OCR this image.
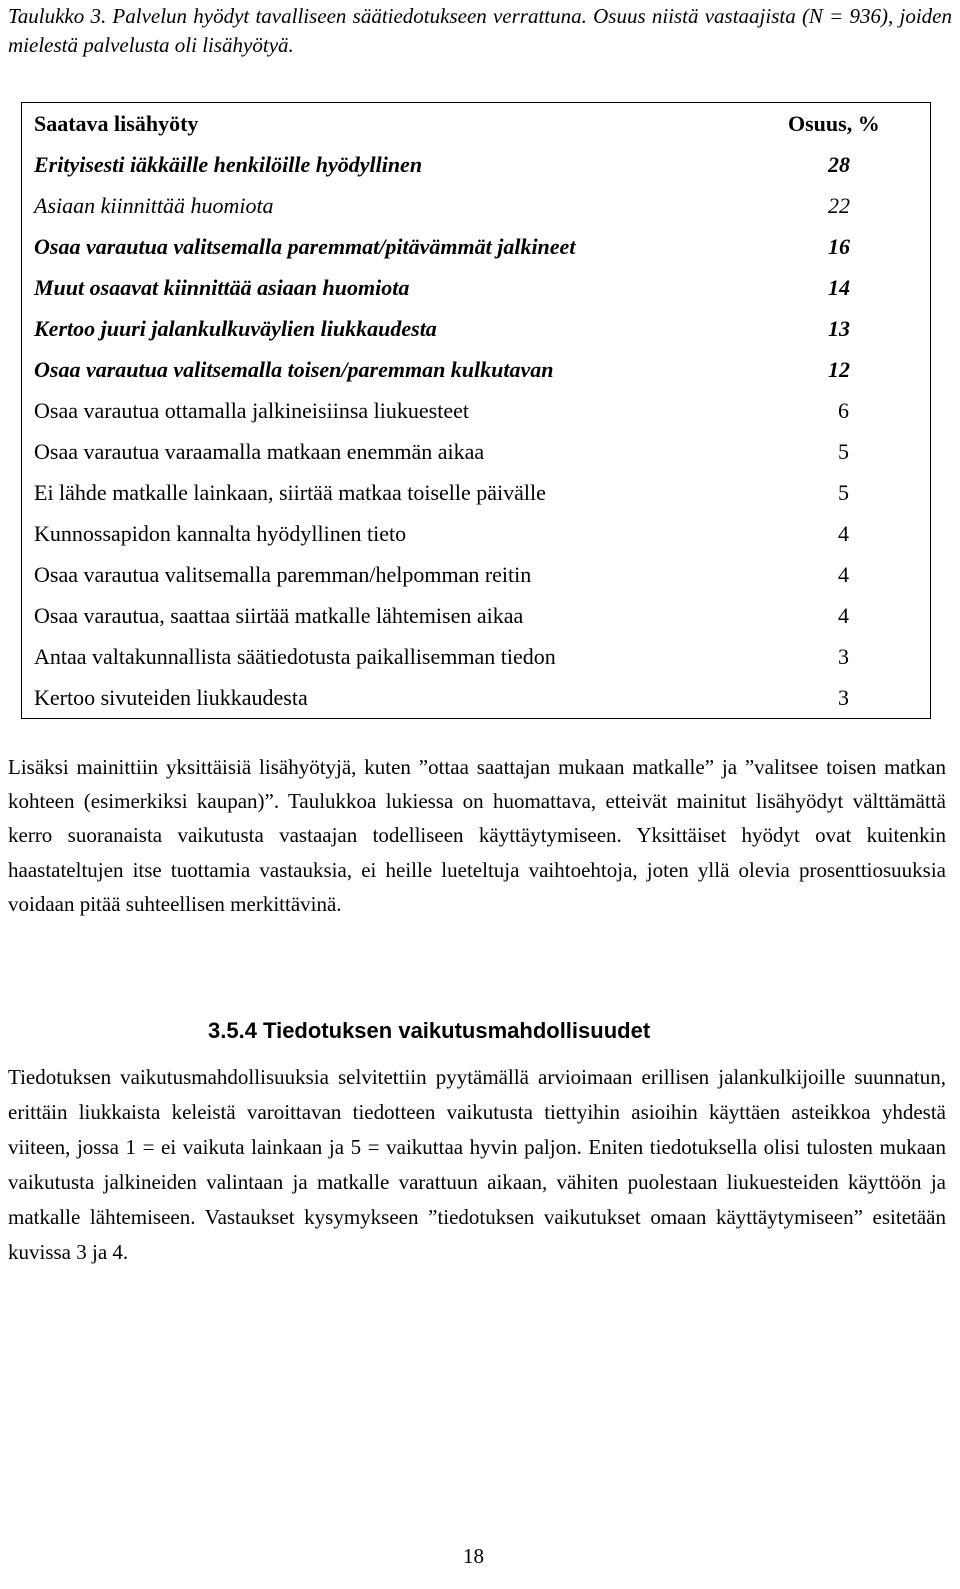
Taulukko 3. Palvelun hyödyt tavalliseen säätiedotukseen verrattuna. Osuus niistä vastaajista (N = 936), joiden mielestä palvelusta oli lisähyötyä.
Saatava lisähyöty	Osuus, %
Erityisesti iäkkäille henkilöille hyödyllinen	28
Asiaan kiinnittää huomiota	22
Osaa varautua valitsemalla paremmat/pitävämmät jalkineet	16
Muut osaavat kiinnittää asiaan huomiota	14
Kertoo juuri jalankulkuväylien liukkaudesta	13
Osaa varautua valitsemalla toisen/paremman kulkutavan	12
Osaa varautua ottamalla jalkineisiinsa liukuesteet	6
Osaa varautua varaamalla matkaan enemmän aikaa	5
Ei lähde matkalle lainkaan, siirtää matkaa toiselle päivälle	5
Kunnossapidon kannalta hyödyllinen tieto	4
Osaa varautua valitsemalla paremman/helpomman reitin	4
Osaa varautua, saattaa siirtää matkalle lähtemisen aikaa	4
Antaa valtakunnallista säätiedotusta paikallisemman tiedon	3
Kertoo sivuteiden liukkaudesta	3

Lisäksi mainittiin yksittäisiä lisähyötyjä, kuten ”ottaa saattajan mukaan matkalle” ja ”valitsee toisen matkan kohteen (esimerkiksi kaupan)”. Taulukkoa lukiessa on huomattava, etteivät mainitut lisähyödyt välttämättä kerro suoranaista vaikutusta vastaajan todelliseen käyttäytymiseen. Yksittäiset hyödyt ovat kuitenkin haastateltujen itse tuottamia vastauksia, ei heille lueteltuja vaihtoehtoja, joten yllä olevia prosenttiosuuksia voidaan pitää suhteellisen merkittävinä.

3.5.4 Tiedotuksen vaikutusmahdollisuudet

Tiedotuksen vaikutusmahdollisuuksia selvitettiin pyytämällä arvioimaan erillisen jalankulkijoille suunnatun, erittäin liukkaista keleistä varoittavan tiedotteen vaikutusta tiettyihin asioihin käyttäen asteikkoa yhdestä viiteen, jossa 1 = ei vaikuta lainkaan ja 5 = vaikuttaa hyvin paljon. Eniten tiedotuksella olisi tulosten mukaan vaikutusta jalkineiden valintaan ja matkalle varattuun aikaan, vähiten puolestaan liukuesteiden käyttöön ja matkalle lähtemiseen. Vastaukset kysymykseen ”tiedotuksen vaikutukset omaan käyttäytymiseen” esitetään kuvissa 3 ja 4.

18
